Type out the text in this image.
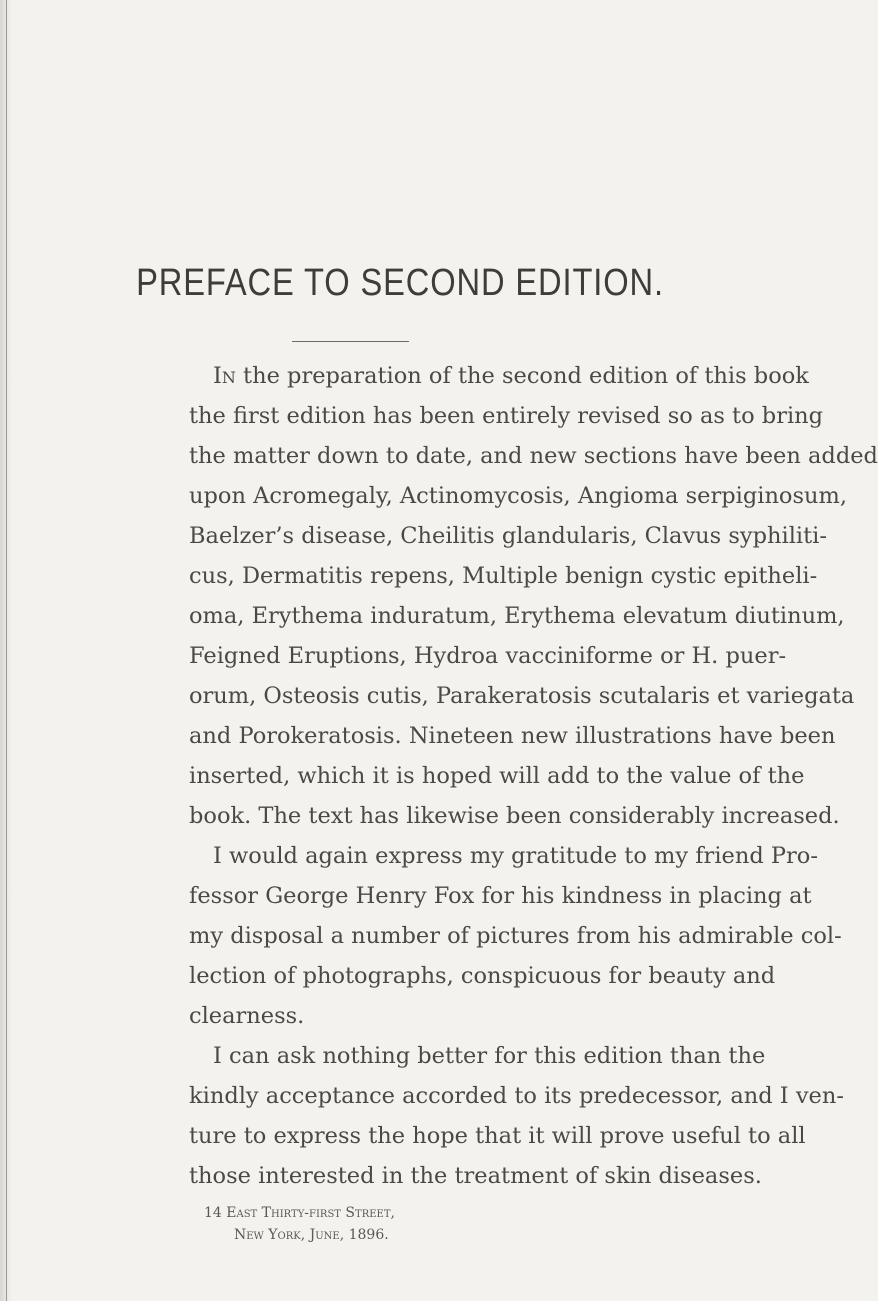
PREFACE TO SECOND EDITION.
In the preparation of the second edition of this book
the first edition has been entirely revised so as to bring
the matter down to date, and new sections have been added
upon Acromegaly, Actinomycosis, Angioma serpiginosum,
Baelzer’s disease, Cheilitis glandularis, Clavus syphiliti-
cus, Dermatitis repens, Multiple benign cystic epitheli-
oma, Erythema induratum, Erythema elevatum diutinum,
Feigned Eruptions, Hydroa vacciniforme or H. puer-
orum, Osteosis cutis, Parakeratosis scutalaris et variegata
and Porokeratosis. Nineteen new illustrations have been
inserted, which it is hoped will add to the value of the
book. The text has likewise been considerably increased.
I would again express my gratitude to my friend Pro-
fessor George Henry Fox for his kindness in placing at
my disposal a number of pictures from his admirable col-
lection of photographs, conspicuous for beauty and
clearness.
I can ask nothing better for this edition than the
kindly acceptance accorded to its predecessor, and I ven-
ture to express the hope that it will prove useful to all
those interested in the treatment of skin diseases.
14 East Thirty-first Street,
New York, June, 1896.
